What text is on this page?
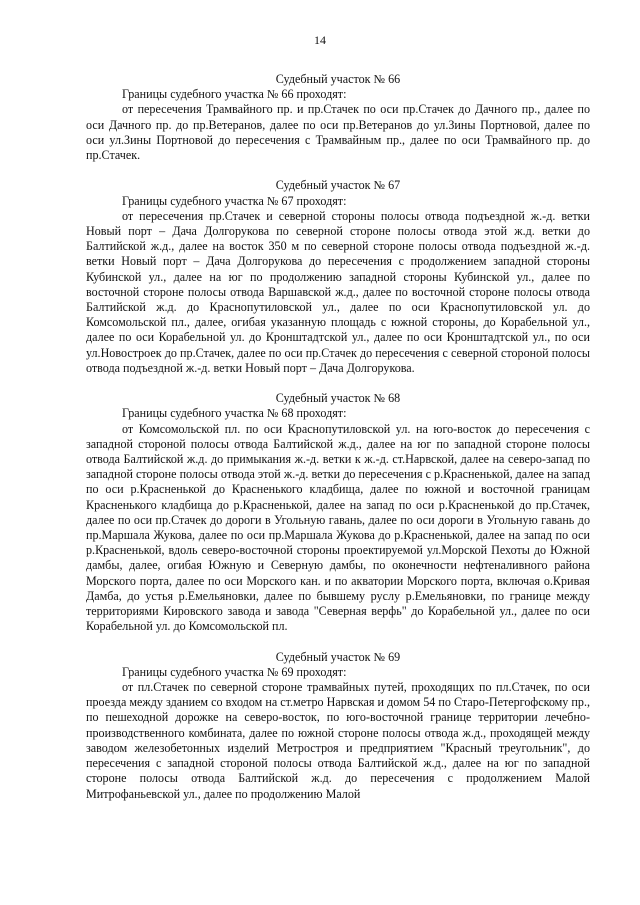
14

Судебный участок № 66

Границы судебного участка № 66 проходят:

от пересечения Трамвайного пр. и пр.Стачек по оси пр.Стачек до Дачного пр., далее по оси Дачного пр. до пр.Ветеранов, далее по оси пр.Ветеранов до ул.Зины Портновой, далее по оси ул.Зины Портновой до пересечения с Трамвайным пр., далее по оси Трамвайного пр. до пр.Стачек.

Судебный участок № 67

Границы судебного участка № 67 проходят:

от пересечения пр.Стачек и северной стороны полосы отвода подъездной ж.-д. ветки Новый порт – Дача Долгорукова по северной стороне полосы отвода этой ж.д. ветки до Балтийской ж.д., далее на восток 350 м по северной стороне полосы отвода подъездной ж.-д. ветки Новый порт – Дача Долгорукова до пересечения с продолжением западной стороны Кубинской ул., далее на юг по продолжению западной стороны Кубинской ул., далее по восточной стороне полосы отвода Варшавской ж.д., далее по восточной стороне полосы отвода Балтийской ж.д. до Краснопутиловской ул., далее по оси Краснопутиловской ул. до Комсомольской пл., далее, огибая указанную площадь с южной стороны, до Корабельной ул., далее по оси Корабельной ул. до Кронштадтской ул., далее по оси Кронштадтской ул., по оси ул.Новостроек до пр.Стачек, далее по оси пр.Стачек до пересечения с северной стороной полосы отвода подъездной ж.-д. ветки Новый порт – Дача Долгорукова.

Судебный участок № 68

Границы судебного участка № 68 проходят:

от Комсомольской пл. по оси Краснопутиловской ул. на юго-восток до пересечения с западной стороной полосы отвода Балтийской ж.д., далее на юг по западной стороне полосы отвода Балтийской ж.д. до примыкания ж.-д. ветки к ж.-д. ст.Нарвской, далее на северо-запад по западной стороне полосы отвода этой ж.-д. ветки до пересечения с р.Красненькой, далее на запад по оси р.Красненькой до Красненького кладбища, далее по южной и восточной границам Красненького кладбища до р.Красненькой, далее на запад по оси р.Красненькой до пр.Стачек, далее по оси пр.Стачек до дороги в Угольную гавань, далее по оси дороги в Угольную гавань до пр.Маршала Жукова, далее по оси пр.Маршала Жукова до р.Красненькой, далее на запад по оси р.Красненькой, вдоль северо-восточной стороны проектируемой ул.Морской Пехоты до Южной дамбы, далее, огибая Южную и Северную дамбы, по оконечности нефтеналивного района Морского порта, далее по оси Морского кан. и по акватории Морского порта, включая о.Кривая Дамба, до устья р.Емельяновки, далее по бывшему руслу р.Емельяновки, по границе между территориями Кировского завода и завода "Северная верфь" до Корабельной ул., далее по оси Корабельной ул. до Комсомольской пл.

Судебный участок № 69

Границы судебного участка № 69 проходят:

от пл.Стачек по северной стороне трамвайных путей, проходящих по пл.Стачек, по оси проезда между зданием со входом на ст.метро Нарвская и домом 54 по Старо-Петергофскому пр., по пешеходной дорожке на северо-восток, по юго-восточной границе территории лечебно-производственного комбината, далее по южной стороне полосы отвода ж.д., проходящей между заводом железобетонных изделий Метростроя и предприятием "Красный треугольник", до пересечения с западной стороной полосы отвода Балтийской ж.д., далее на юг по западной стороне полосы отвода Балтийской ж.д. до пересечения с продолжением Малой Митрофаньевской ул., далее по продолжению Малой
